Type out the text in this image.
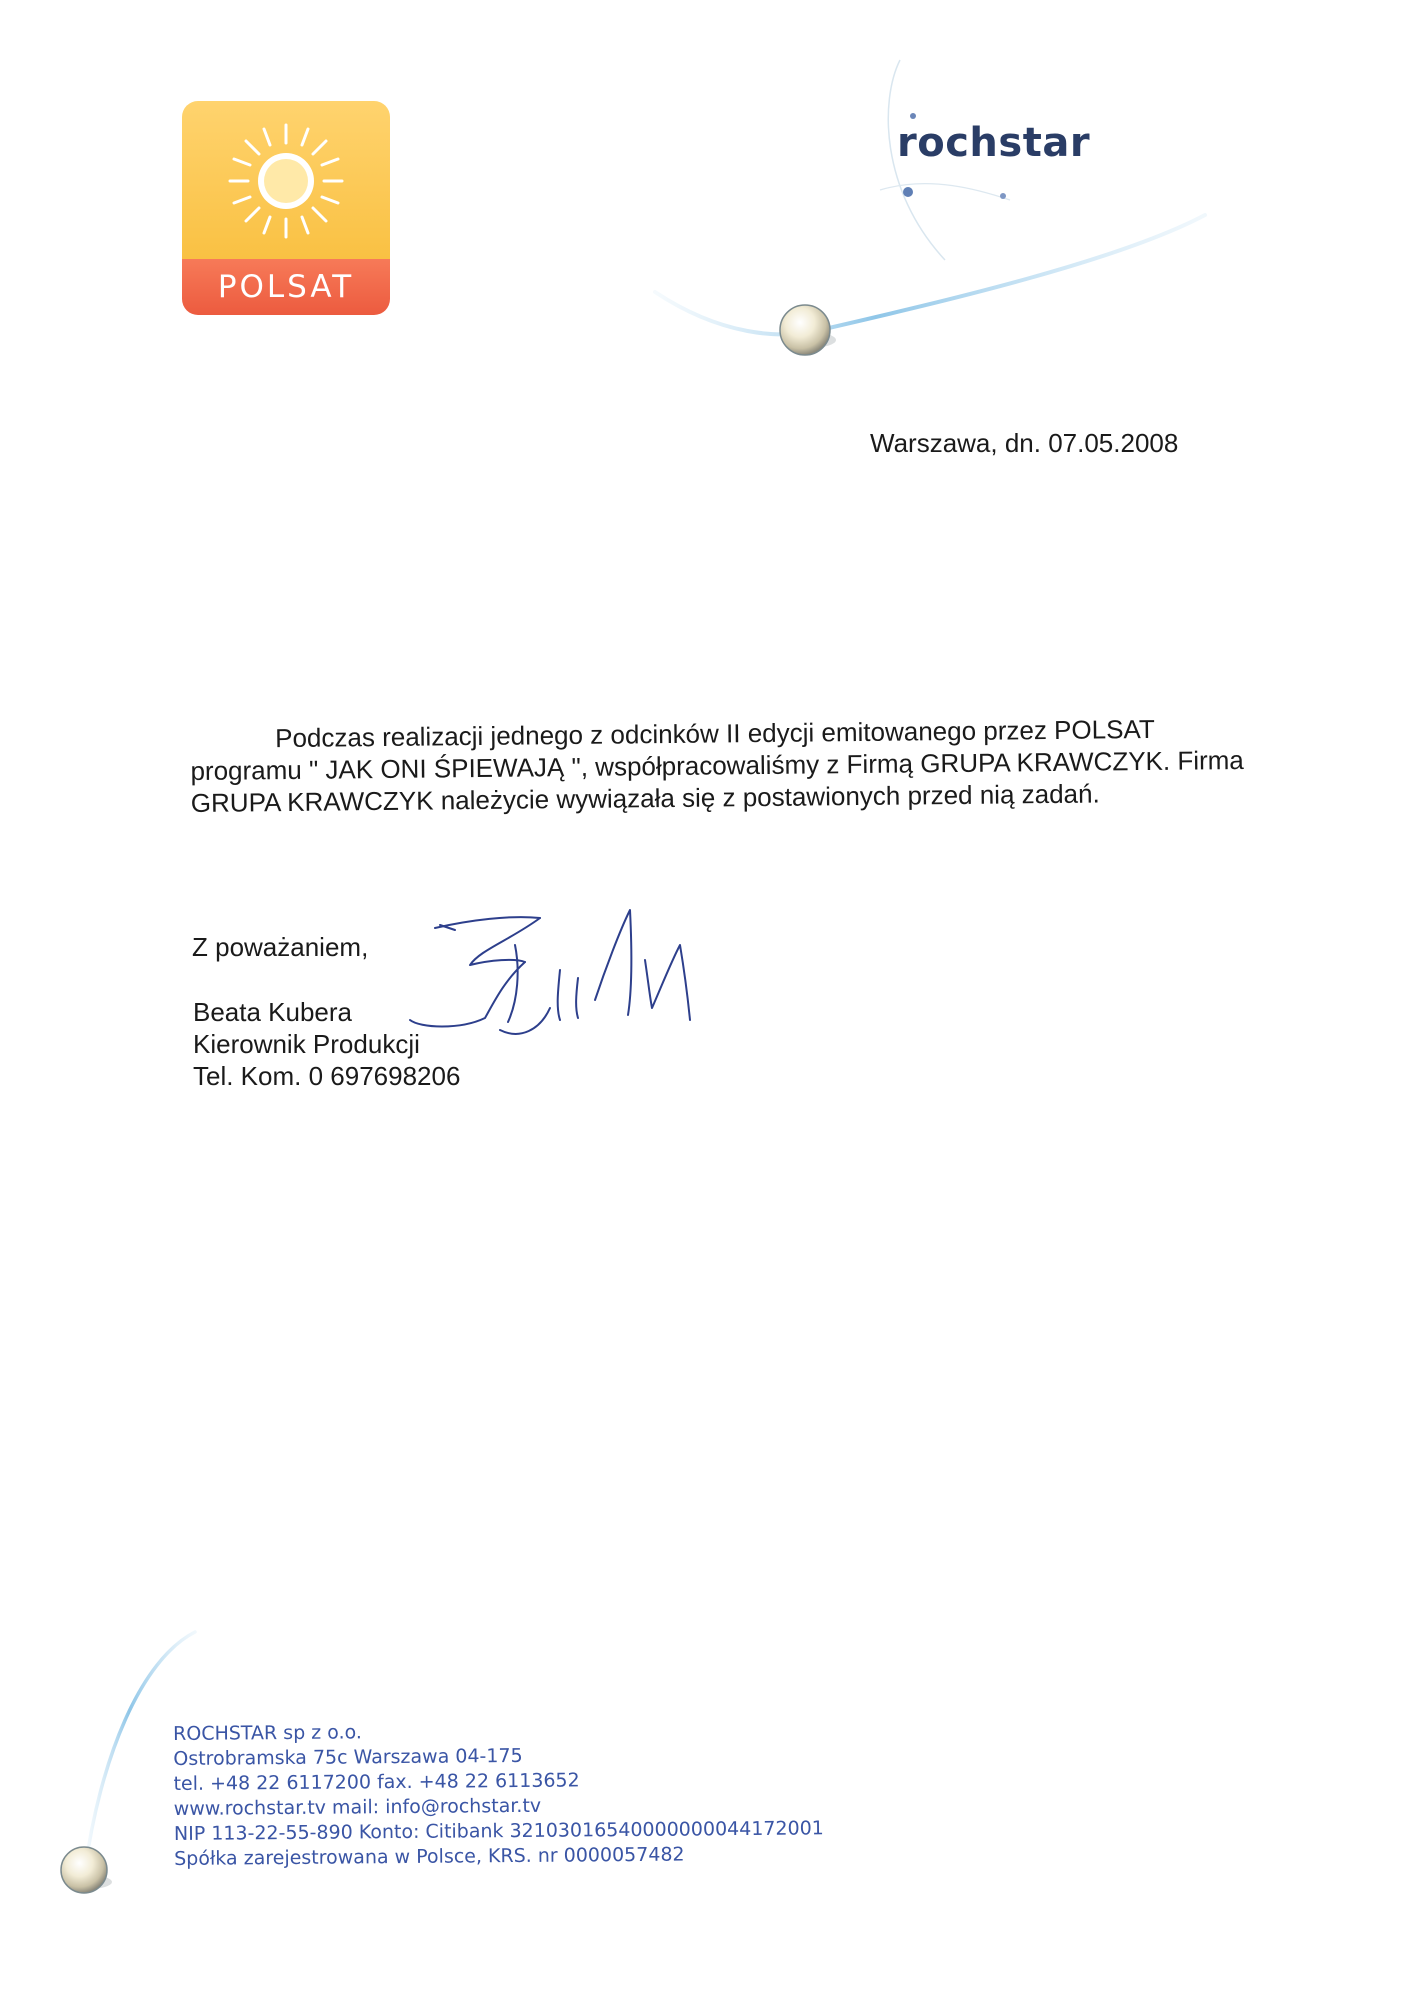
POLSAT
rochstar
Warszawa, dn. 07.05.2008

Podczas realizacji jednego z odcinków II edycji emitowanego przez POLSAT programu " JAK ONI ŚPIEWAJĄ ", współpracowaliśmy z Firmą GRUPA KRAWCZYK. Firma GRUPA KRAWCZYK należycie wywiązała się z postawionych przed nią zadań.

Z poważaniem,
Beata Kubera
Kierownik Produkcji
Tel. Kom. 0 697698206
ROCHSTAR sp z o.o.
Ostrobramska 75c Warszawa 04-175
tel. +48 22 6117200 fax. +48 22 6113652
www.rochstar.tv mail: info@rochstar.tv
NIP 113-22-55-890 Konto: Citibank 32103016540000000044172001
Spółka zarejestrowana w Polsce, KRS. nr 0000057482
